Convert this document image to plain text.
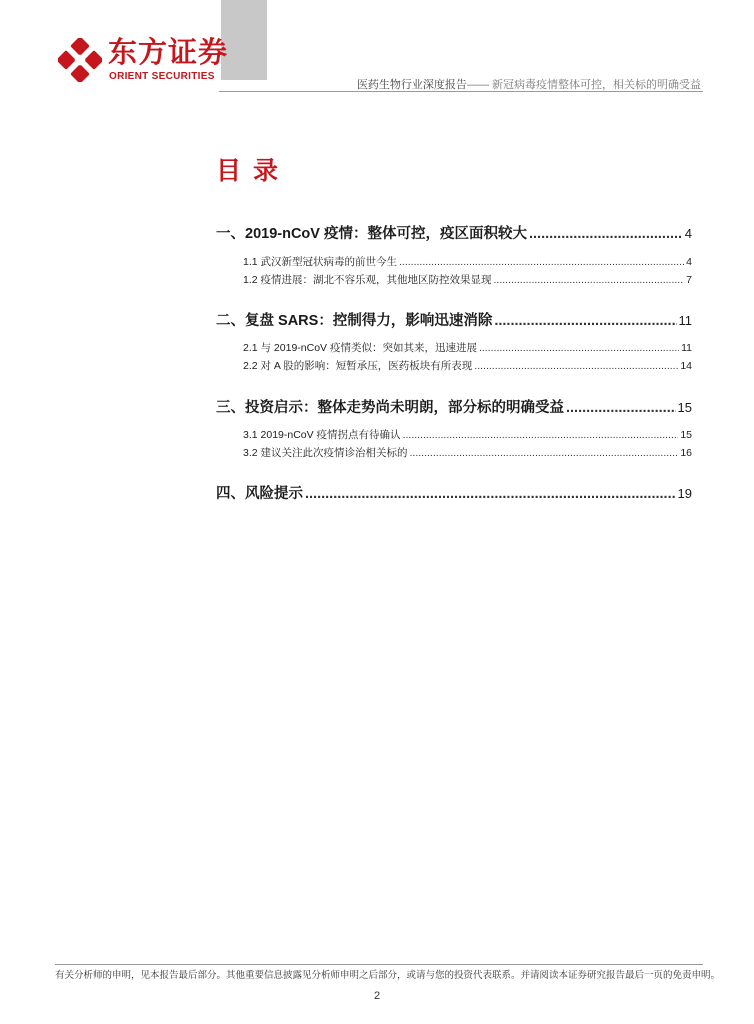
东方证券
ORIENT SECURITIES
医药生物行业深度报告—— 新冠病毒疫情整体可控，相关标的明确受益
目录
一、2019-nCoV 疫情：整体可控，疫区面积较大 .....	4
1.1 武汉新型冠状病毒的前世今生 .....	4
1.2 疫情进展：湖北不容乐观，其他地区防控效果显现 .....	7
二、复盘 SARS：控制得力，影响迅速消除 .....	11
2.1 与 2019-nCoV 疫情类似：突如其来，迅速进展 .....	11
2.2 对 A 股的影响：短暂承压，医药板块有所表现 .....	14
三、投资启示：整体走势尚未明朗，部分标的明确受益 .....	15
3.1 2019-nCoV 疫情拐点有待确认 .....	15
3.2 建议关注此次疫情诊治相关标的 .....	16
四、风险提示 .....	19
有关分析师的申明，见本报告最后部分。其他重要信息披露见分析师申明之后部分，或请与您的投资代表联系。并请阅读本证券研究报告最后一页的免责申明。
2
